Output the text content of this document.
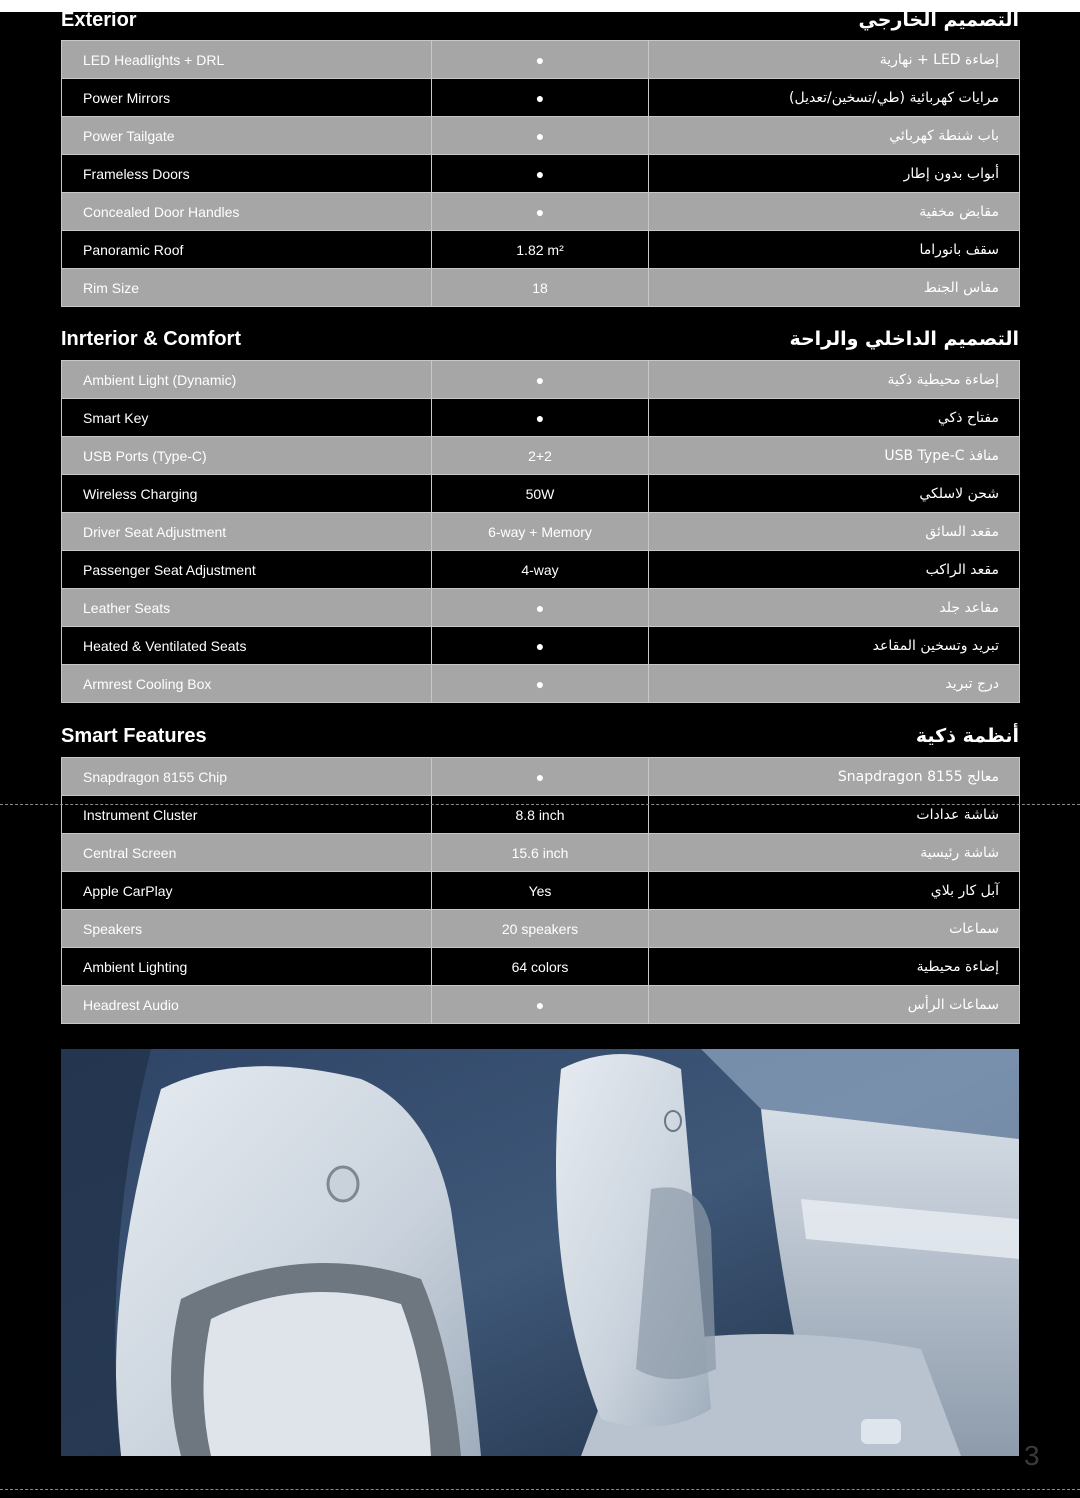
Exterior	التصميم الخارجي
LED Headlights + DRL	●	إضاءة LED + نهارية
Power Mirrors	●	مرايات كهربائية (طي/تسخين/تعديل)
Power Tailgate	●	باب شنطة كهربائي
Frameless Doors	●	أبواب بدون إطار
Concealed Door Handles	●	مقابض مخفية
Panoramic Roof	1.82 m²	سقف بانوراما
Rim Size	18	مقاس الجنط
Inrterior & Comfort	التصميم الداخلي والراحة
Ambient Light (Dynamic)	●	إضاءة محيطية ذكية
Smart Key	●	مفتاح ذكي
USB Ports (Type-C)	2+2	منافذ USB Type-C
Wireless Charging	50W	شحن لاسلكي
Driver Seat Adjustment	6-way + Memory	مقعد السائق
Passenger Seat Adjustment	4-way	مقعد الراكب
Leather Seats	●	مقاعد جلد
Heated & Ventilated Seats	●	تبريد وتسخين المقاعد
Armrest Cooling Box	●	درج تبريد
Smart Features	أنظمة ذكية
Snapdragon 8155 Chip	●	معالج Snapdragon 8155
Instrument Cluster	8.8 inch	شاشة عدادات
Central Screen	15.6 inch	شاشة رئيسية
Apple CarPlay	Yes	آبل كار بلاي
Speakers	20 speakers	سماعات
Ambient Lighting	64 colors	إضاءة محيطية
Headrest Audio	●	سماعات الرأس
3
